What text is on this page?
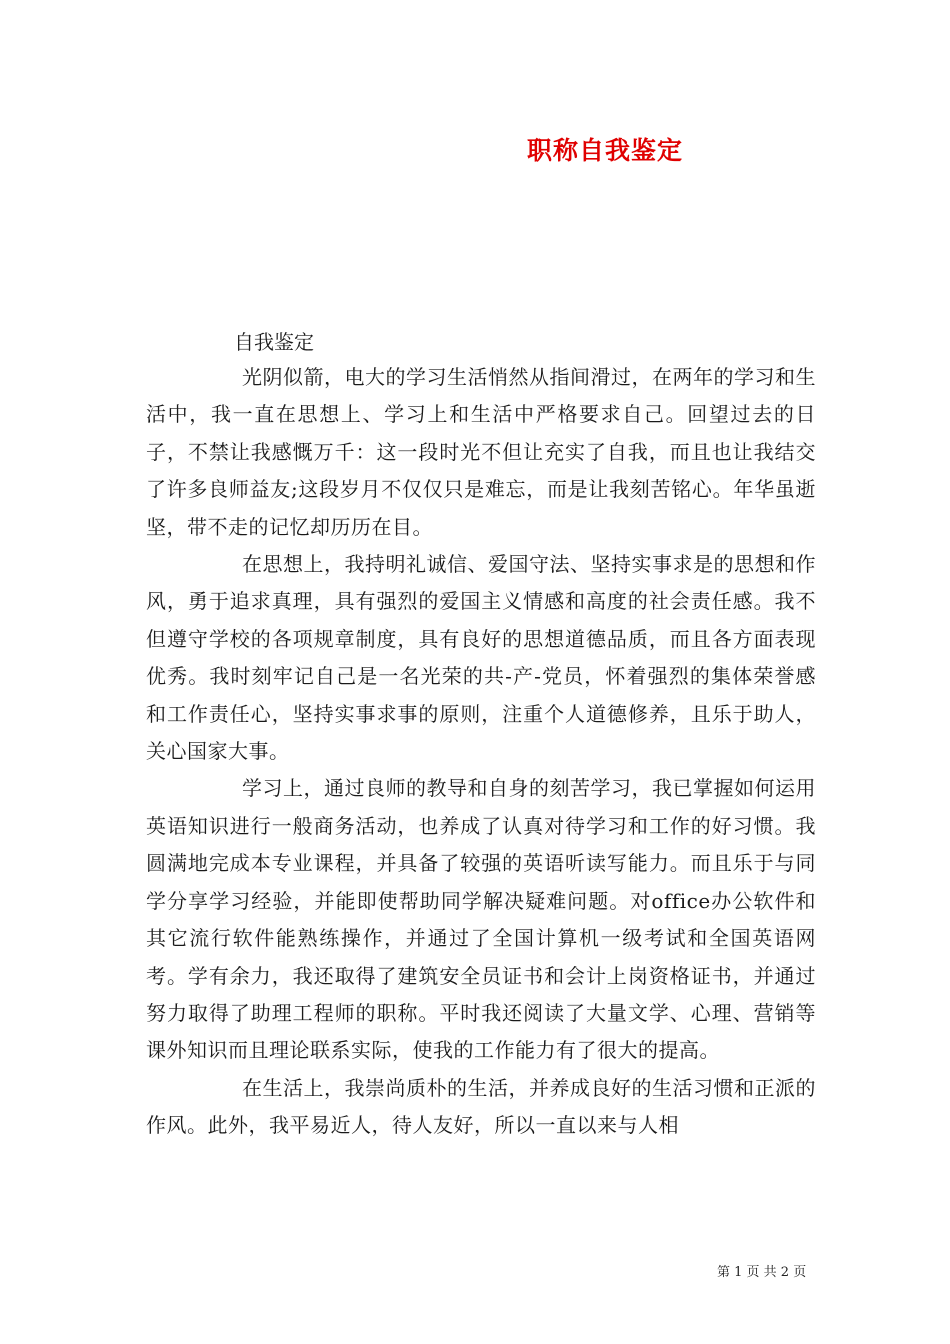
职称自我鉴定
自我鉴定

光阴似箭，电大的学习生活悄然从指间滑过，在两年的学习和生活中，我一直在思想上、学习上和生活中严格要求自己。回望过去的日子，不禁让我感慨万千：这一段时光不但让充实了自我，而且也让我结交了许多良师益友;这段岁月不仅仅只是难忘，而是让我刻苦铭心。年华虽逝坚，带不走的记忆却历历在目。

在思想上，我持明礼诚信、爱国守法、坚持实事求是的思想和作风，勇于追求真理，具有强烈的爱国主义情感和高度的社会责任感。我不但遵守学校的各项规章制度，具有良好的思想道德品质，而且各方面表现优秀。我时刻牢记自己是一名光荣的共-产-党员，怀着强烈的集体荣誉感和工作责任心，坚持实事求事的原则，注重个人道德修养，且乐于助人，关心国家大事。

学习上，通过良师的教导和自身的刻苦学习，我已掌握如何运用英语知识进行一般商务活动，也养成了认真对待学习和工作的好习惯。我圆满地完成本专业课程，并具备了较强的英语听读写能力。而且乐于与同学分享学习经验，并能即使帮助同学解决疑难问题。对office办公软件和其它流行软件能熟练操作，并通过了全国计算机一级考试和全国英语网考。学有余力，我还取得了建筑安全员证书和会计上岗资格证书，并通过努力取得了助理工程师的职称。平时我还阅读了大量文学、心理、营销等课外知识而且理论联系实际，使我的工作能力有了很大的提高。

在生活上，我崇尚质朴的生活，并养成良好的生活习惯和正派的作风。此外，我平易近人，待人友好，所以一直以来与人相

第 1 页 共 2 页
